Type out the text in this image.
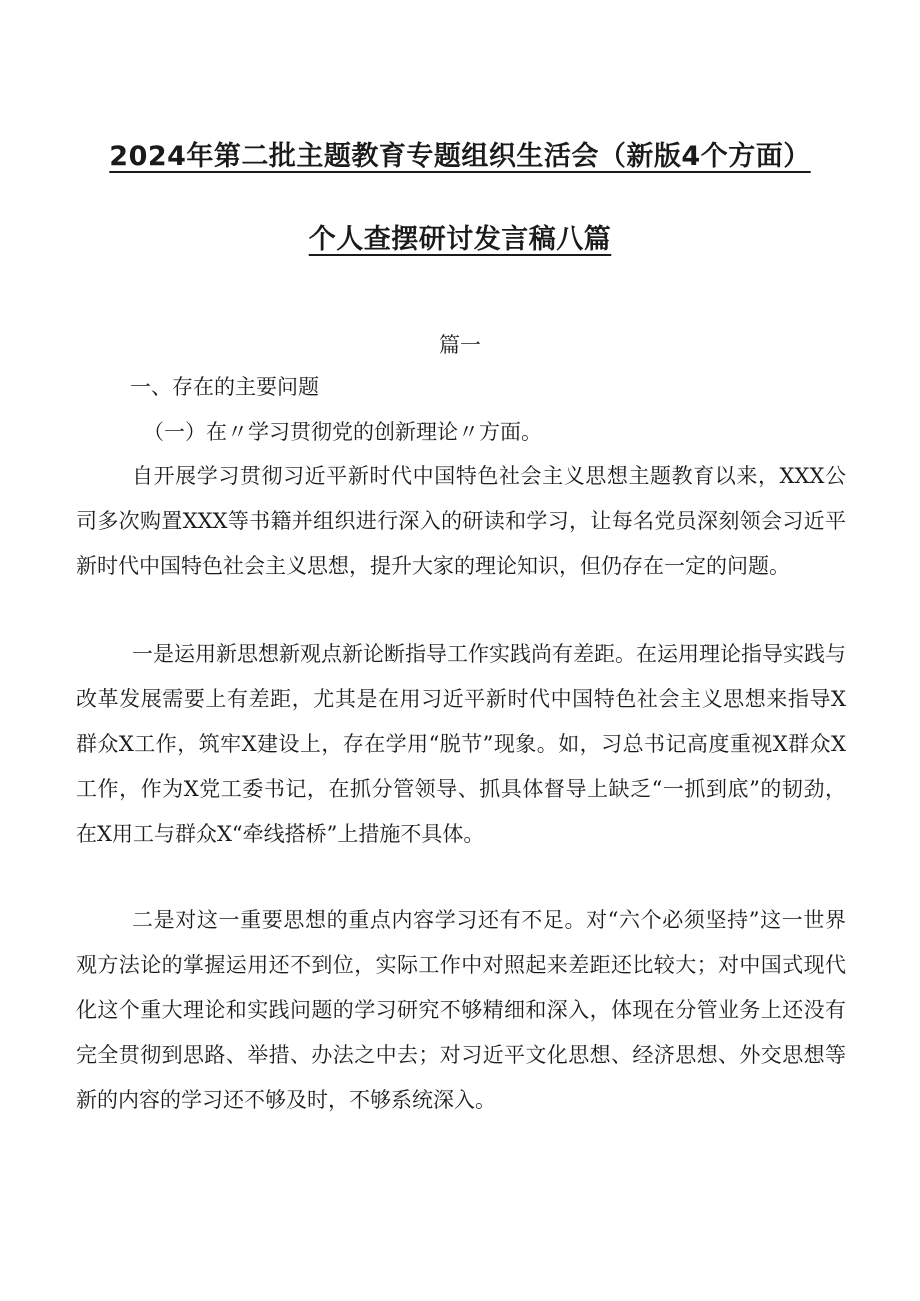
2024年第二批主题教育专题组织生活会（新版4个方面）
个人查摆研讨发言稿八篇
篇一
一、存在的主要问题
（一）在〃学习贯彻党的创新理论〃方面。

自开展学习贯彻习近平新时代中国特色社会主义思想主题教育以来，XXX公司多次购置XXX等书籍并组织进行深入的研读和学习，让每名党员深刻领会习近平新时代中国特色社会主义思想，提升大家的理论知识，但仍存在一定的问题。

一是运用新思想新观点新论断指导工作实践尚有差距。在运用理论指导实践与改革发展需要上有差距，尤其是在用习近平新时代中国特色社会主义思想来指导X群众X工作，筑牢X建设上，存在学用“脱节”现象。如，习总书记高度重视X群众X工作，作为X党工委书记，在抓分管领导、抓具体督导上缺乏“一抓到底”的韧劲，在X用工与群众X“牵线搭桥”上措施不具体。

二是对这一重要思想的重点内容学习还有不足。对“六个必须坚持”这一世界观方法论的掌握运用还不到位，实际工作中对照起来差距还比较大；对中国式现代化这个重大理论和实践问题的学习研究不够精细和深入，体现在分管业务上还没有完全贯彻到思路、举措、办法之中去；对习近平文化思想、经济思想、外交思想等新的内容的学习还不够及时，不够系统深入。
